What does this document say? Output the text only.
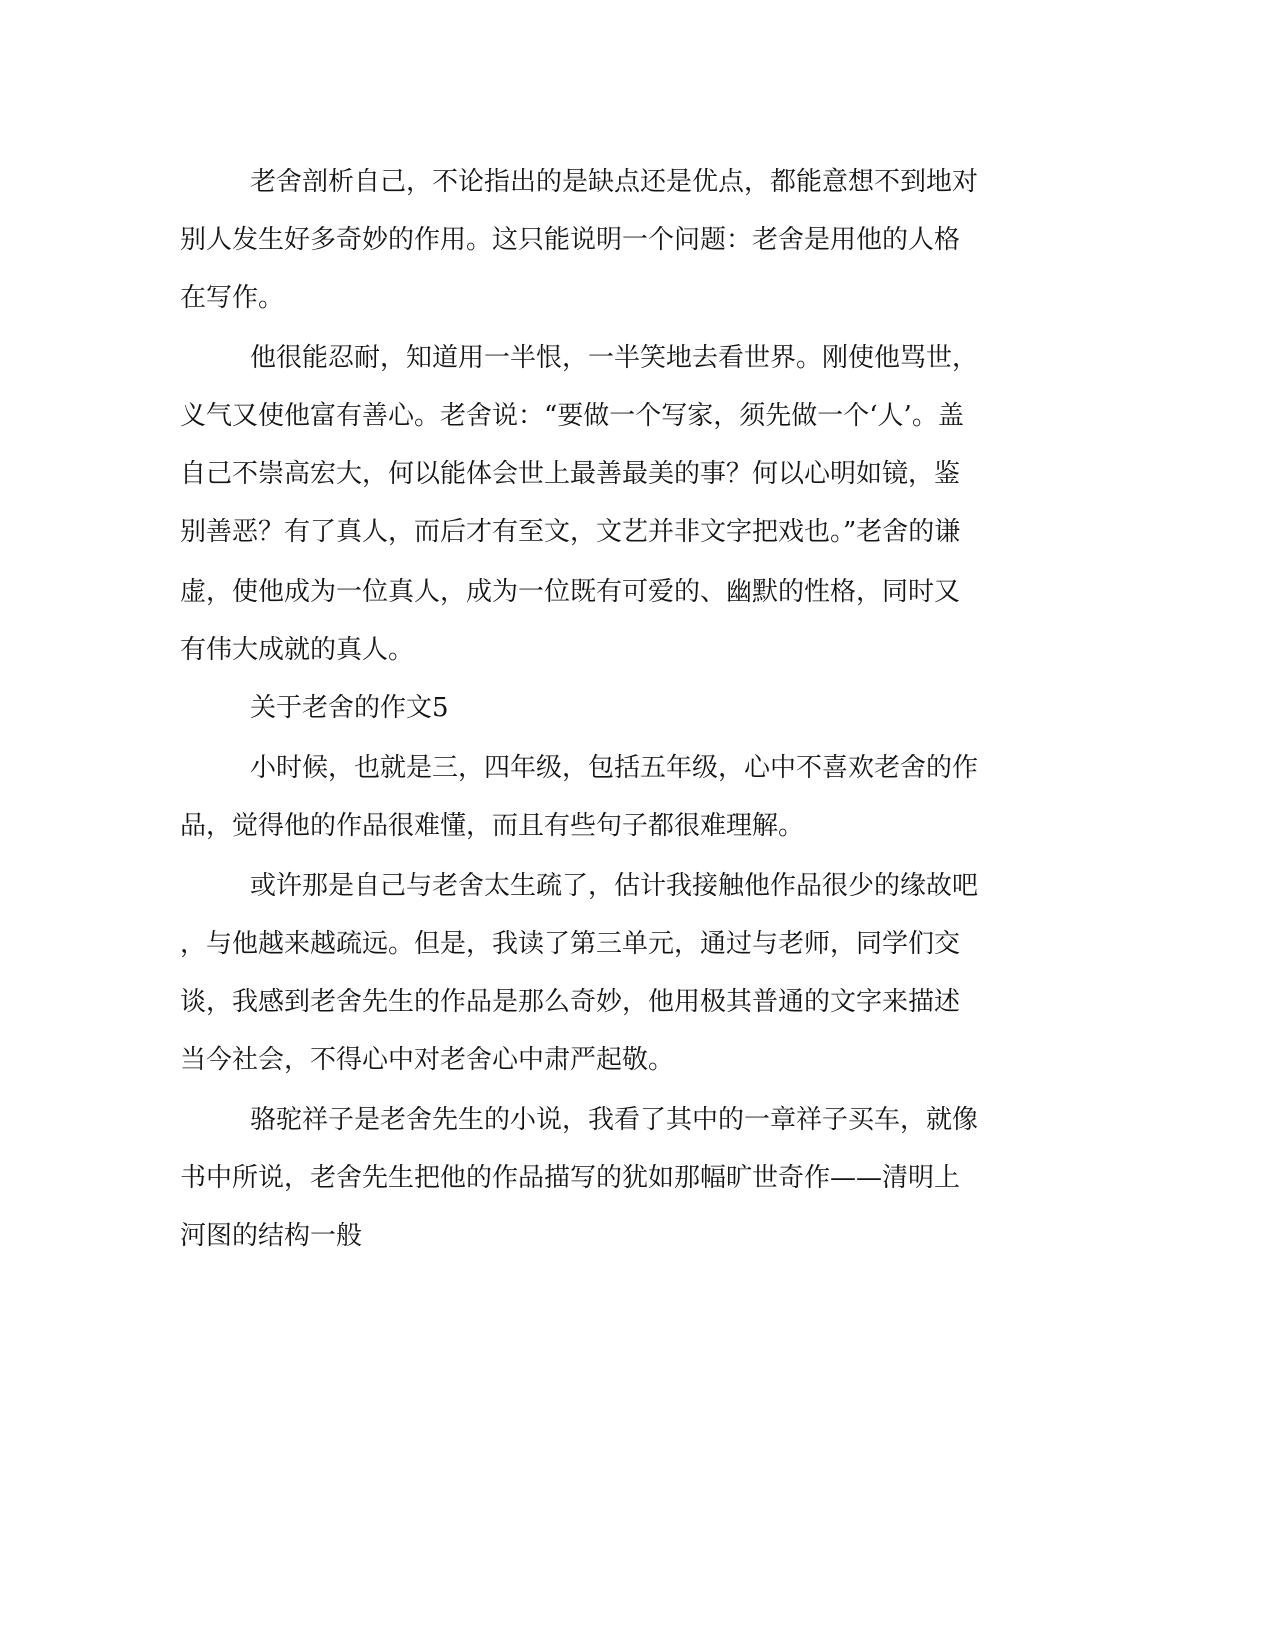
老舍剖析自己，不论指出的是缺点还是优点，都能意想不到地对
别人发生好多奇妙的作用。这只能说明一个问题：老舍是用他的人格
在写作。
他很能忍耐，知道用一半恨，一半笑地去看世界。刚使他骂世，
义气又使他富有善心。老舍说：“要做一个写家，须先做一个‘人’。盖
自己不崇高宏大，何以能体会世上最善最美的事？何以心明如镜，鉴
别善恶？有了真人，而后才有至文，文艺并非文字把戏也。”老舍的谦
虚，使他成为一位真人，成为一位既有可爱的、幽默的性格，同时又
有伟大成就的真人。
关于老舍的作文5
小时候，也就是三，四年级，包括五年级，心中不喜欢老舍的作
品，觉得他的作品很难懂，而且有些句子都很难理解。
或许那是自己与老舍太生疏了，估计我接触他作品很少的缘故吧
，与他越来越疏远。但是，我读了第三单元，通过与老师，同学们交
谈，我感到老舍先生的作品是那么奇妙，他用极其普通的文字来描述
当今社会，不得心中对老舍心中肃严起敬。
骆驼祥子是老舍先生的小说，我看了其中的一章祥子买车，就像
书中所说，老舍先生把他的作品描写的犹如那幅旷世奇作——清明上
河图的结构一般
